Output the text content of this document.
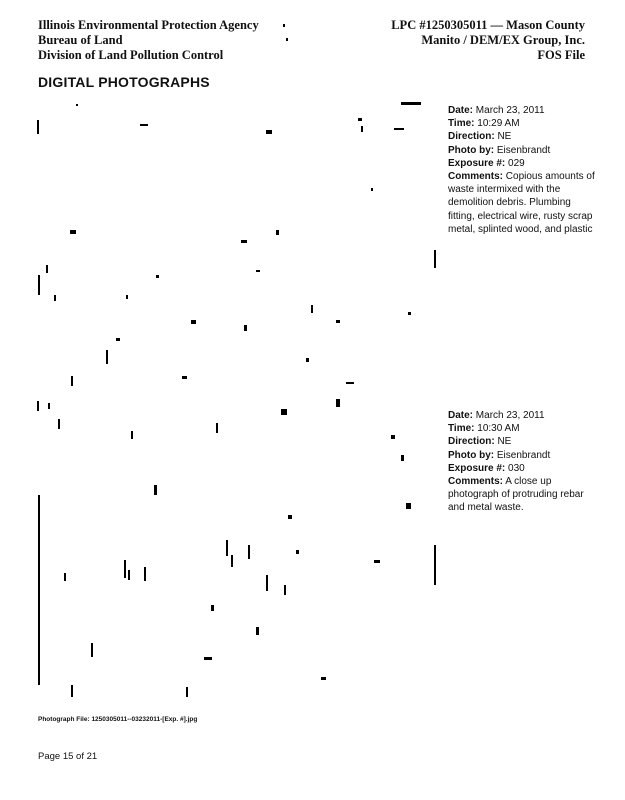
Illinois Environmental Protection Agency
Bureau of Land
Division of Land Pollution Control
LPC #1250305011 — Mason County
Manito / DEM/EX Group, Inc.
FOS File
DIGITAL PHOTOGRAPHS
Date: March 23, 2011
Time: 10:29 AM
Direction: NE
Photo by: Eisenbrandt
Exposure #: 029
Comments: Copious amounts of waste intermixed with the demolition debris. Plumbing fitting, electrical wire, rusty scrap metal, splinted wood, and plastic
Date: March 23, 2011
Time: 10:30 AM
Direction: NE
Photo by: Eisenbrandt
Exposure #: 030
Comments: A close up photograph of protruding rebar and metal waste.
Photograph File: 1250305011--03232011-[Exp. #].jpg
Page 15 of 21
